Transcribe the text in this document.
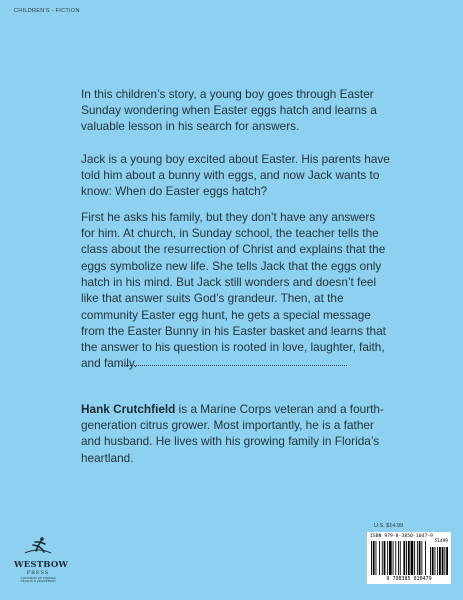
CHILDREN'S - FICTION

In this children’s story, a young boy goes through Easter Sunday wondering when Easter eggs hatch and learns a valuable lesson in his search for answers.

Jack is a young boy excited about Easter. His parents have told him about a bunny with eggs, and now Jack wants to know: When do Easter eggs hatch?

First he asks his family, but they don’t have any answers for him. At church, in Sunday school, the teacher tells the class about the resurrection of Christ and explains that the eggs symbolize new life. She tells Jack that the eggs only hatch in his mind. But Jack still wonders and doesn’t feel like that answer suits God’s grandeur. Then, at the community Easter egg hunt, he gets a special message from the Easter Bunny in his Easter basket and learns that the answer to his question is rooted in love, laughter, faith, and family.

Hank Crutchfield is a Marine Corps veteran and a fourth-generation citrus grower. Most importantly, he is a father and husband. He lives with his growing family in Florida’s heartland.

WESTBOW
PRESS
A DIVISION OF THOMAS NELSON & ZONDERVAN
U.S. $14.99
ISBN 979-8-3850-1047-9
51499
9 798385 010479
